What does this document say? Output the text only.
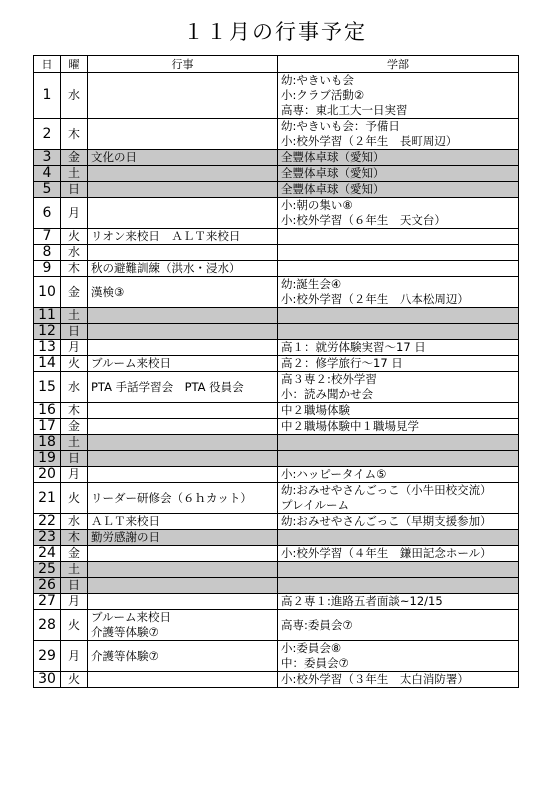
１１月の行事予定
日	曜	行事	学部
1	水		幼:やきいも会
小:クラブ活動②
高専：東北工大一日実習

2	木		幼:やきいも会：予備日
小:校外学習（２年生　長町周辺）

3	金	文化の日	全豐体卓球（愛知）

4	土		全豐体卓球（愛知）

5	日		全豐体卓球（愛知）

6	月		小:朝の集い⑧
小:校外学習（６年生　天文台）

7	火	リオン来校日　ＡＬＴ来校日	

8	水		
9	木	秋の避難訓練（洪水・浸水）	

10	金	漢検③	幼:誕生会④
小:校外学習（２年生　八本松周辺）

11	土		
12	日		
13	月		高１：就労体験実習～17 日

14	火	ブルーム来校日	高２：修学旅行～17 日

15	水	PTA 手話学習会　PTA 役員会	高３専２:校外学習
小：読み聞かせ会

16	木		中２職場体験

17	金		中２職場体験中１職場見学

18	土		
19	日		
20	月		小:ハッピータイム⑤

21	火	リーダー研修会（６ｈカット）	幼:おみせやさんごっこ（小牛田校交流）
プレイルーム

22	水	ＡＬＴ来校日	幼:おみせやさんごっこ（早期支援参加）

23	木	勤労感謝の日	

24	金		小:校外学習（４年生　鎌田記念ホール）

25	土		
26	日		
27	月		高２専１:進路五者面談~12/15

28	火	ブルーム来校日
介護等体験⑦	高専:委員会⑦

29	月	介護等体験⑦	小:委員会⑧
中：委員会⑦

30	火		小:校外学習（３年生　太白消防署）
